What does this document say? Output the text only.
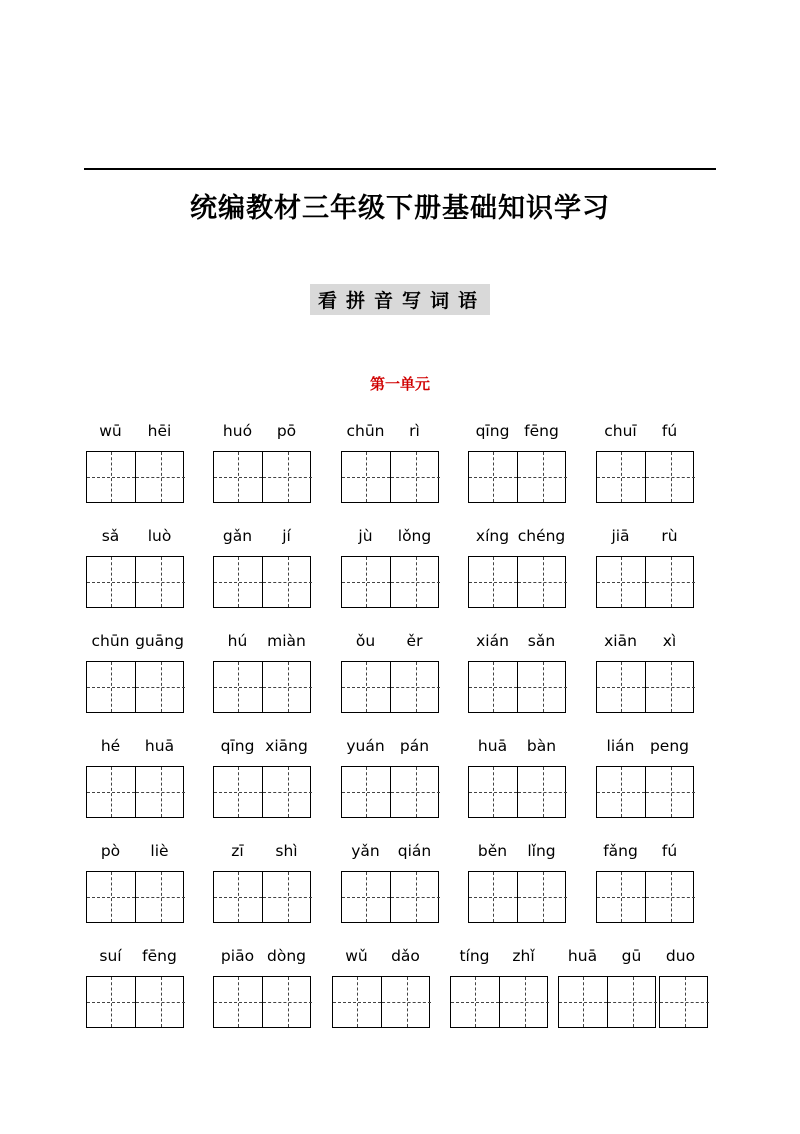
统编教材三年级下册基础知识学习
看拼音写词语
第一单元
wū hēi	huó pō	chūn rì	qīng fēng	chuī fú
sǎ luò	gǎn jí	jù lǒng	xíng chéng	jiā rù
chūn guāng	hú miàn	ǒu ěr	xián sǎn	xiān xì
hé huā	qīng xiāng	yuán pán	huā bàn	lián peng
pò liè	zī shì	yǎn qián	běn lǐng	fǎng fú
suí fēng	piāo dòng	wǔ dǎo	tíng zhǐ	huā gū duo
